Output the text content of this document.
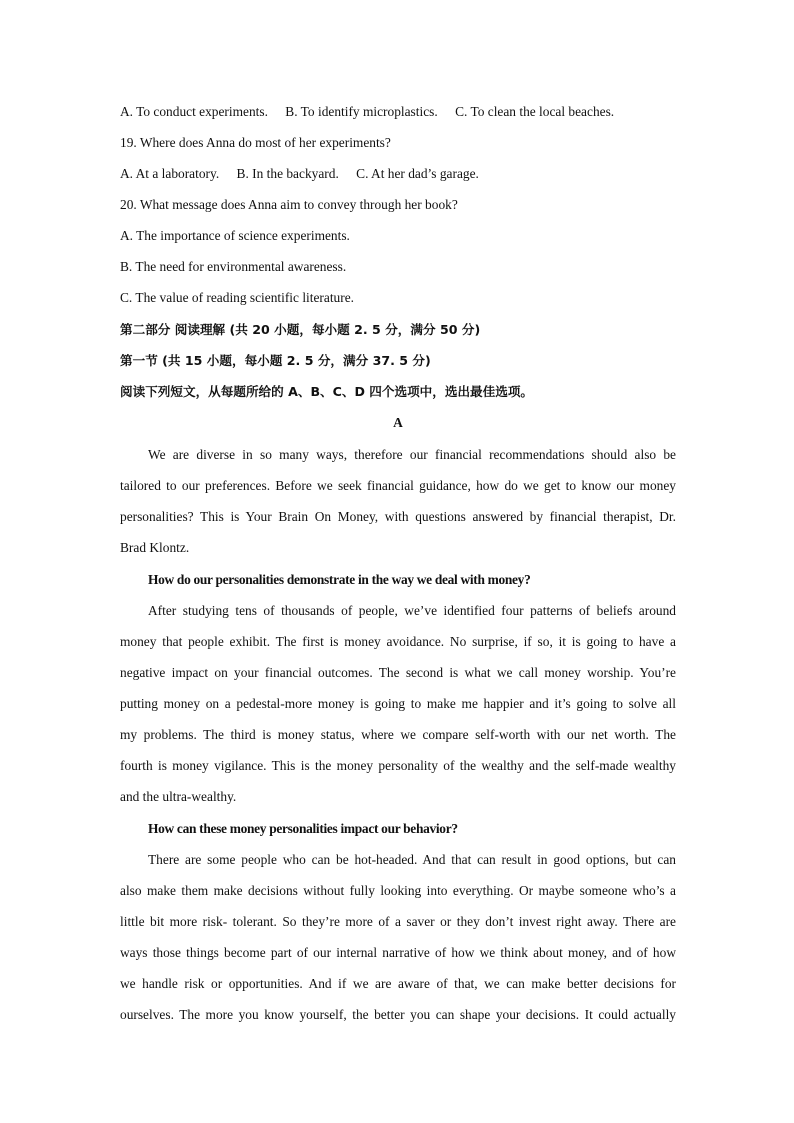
A. To conduct experiments. B. To identify microplastics. C. To clean the local beaches.
19. Where does Anna do most of her experiments?
A. At a laboratory. B. In the backyard. C. At her dad’s garage.
20. What message does Anna aim to convey through her book?
A. The importance of science experiments.
B. The need for environmental awareness.
C. The value of reading scientific literature.
第二部分 阅读理解 (共 20 小题，每小题 2. 5 分，满分 50 分)
第一节 (共 15 小题，每小题 2. 5 分，满分 37. 5 分)
阅读下列短文，从每题所给的 A、B、C、D 四个选项中，选出最佳选项。
A
We are diverse in so many ways, therefore our financial recommendations should also be
tailored to our preferences. Before we seek financial guidance, how do we get to know our money
personalities? This is Your Brain On Money, with questions answered by financial therapist, Dr.
Brad Klontz.
How do our personalities demonstrate in the way we deal with money?
After studying tens of thousands of people, we’ve identified four patterns of beliefs around
money that people exhibit. The first is money avoidance. No surprise, if so, it is going to have a
negative impact on your financial outcomes. The second is what we call money worship. You’re
putting money on a pedestal-more money is going to make me happier and it’s going to solve all
my problems. The third is money status, where we compare self-worth with our net worth. The
fourth is money vigilance. This is the money personality of the wealthy and the self-made wealthy
and the ultra-wealthy.
How can these money personalities impact our behavior?
There are some people who can be hot-headed. And that can result in good options, but can
also make them make decisions without fully looking into everything. Or maybe someone who’s a
little bit more risk- tolerant. So they’re more of a saver or they don’t invest right away. There are
ways those things become part of our internal narrative of how we think about money, and of how
we handle risk or opportunities. And if we are aware of that, we can make better decisions for
ourselves. The more you know yourself, the better you can shape your decisions. It could actually
